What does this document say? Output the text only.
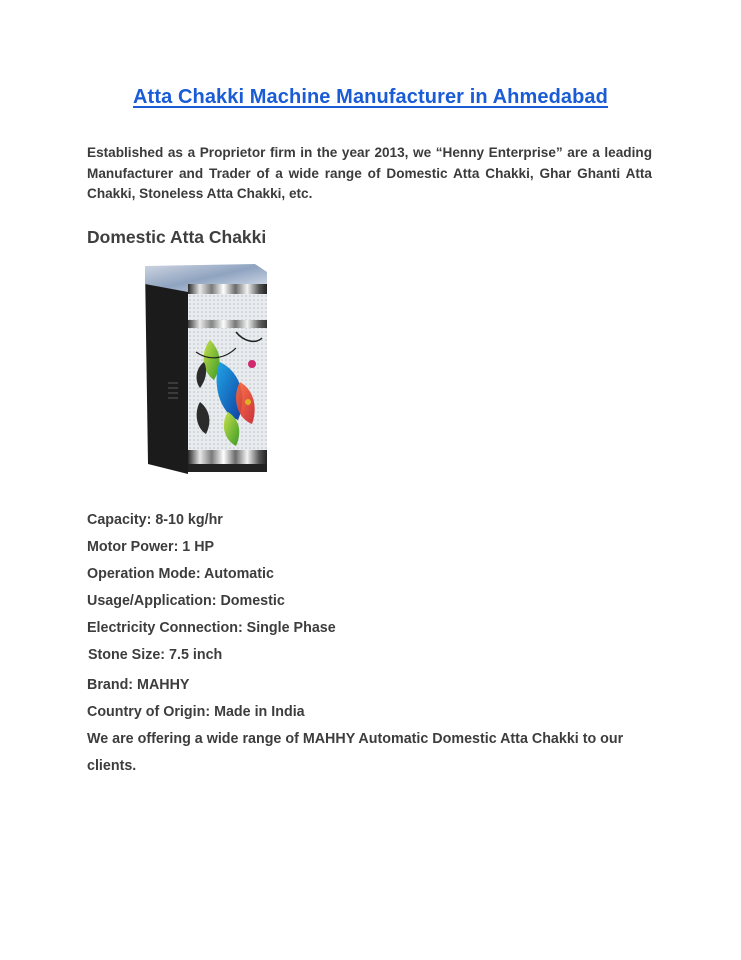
Atta Chakki Machine Manufacturer in Ahmedabad
Established as a Proprietor firm in the year 2013, we “Henny Enterprise” are a leading Manufacturer and Trader of a wide range of Domestic Atta Chakki, Ghar Ghanti Atta Chakki, Stoneless Atta Chakki, etc.
Domestic Atta Chakki
Capacity: 8-10 kg/hr
Motor Power: 1 HP
Operation Mode: Automatic
Usage/Application: Domestic
Electricity Connection: Single Phase
Stone Size: 7.5 inch
Brand: MAHHY
Country of Origin: Made in India
We are offering a wide range of MAHHY Automatic Domestic Atta Chakki to our clients.
